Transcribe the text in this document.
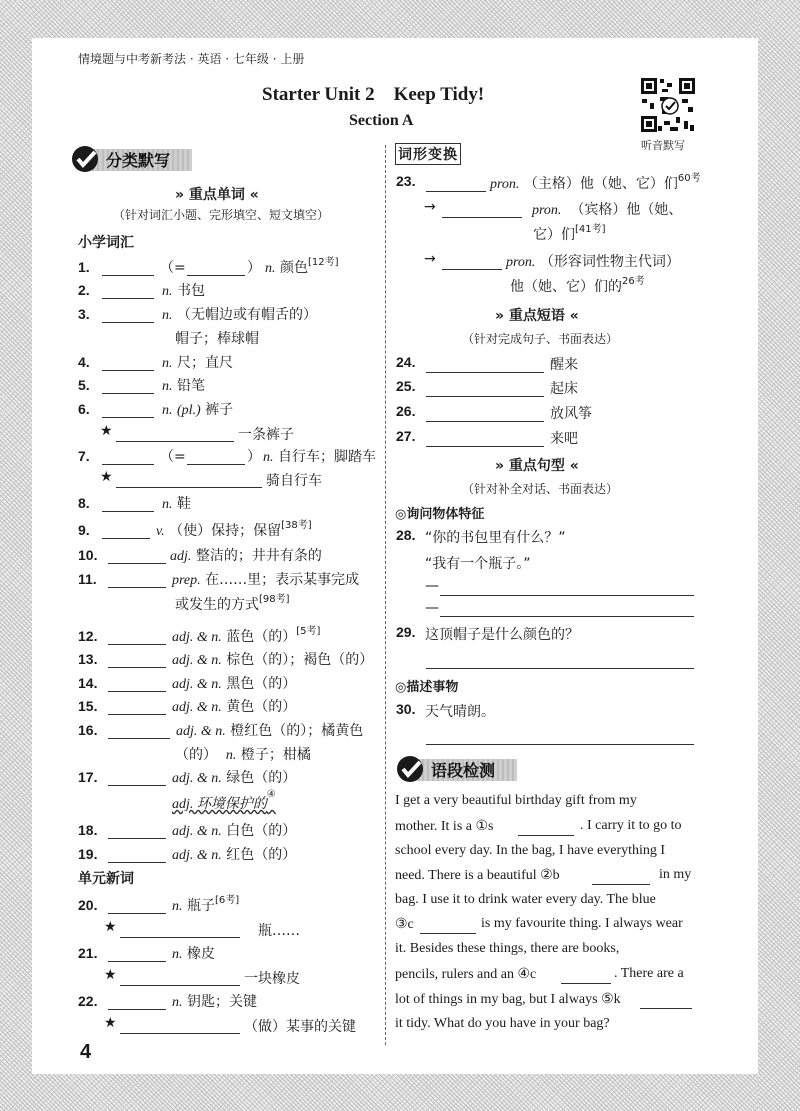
情境题与中考新考法 · 英语 · 七年级 · 上册
Starter Unit 2　Keep Tidy!
Section A
听音默写
分类默写
» 重点单词 «
（针对词汇小题、完形填空、短文填空）
小学词汇
1.	（=	） n. 颜色[12考]
2.	n. 书包
3.	n. （无帽边或有帽舌的）
帽子；棒球帽
4.	n. 尺；直尺
5.	n. 铅笔
6.	n. (pl.) 裤子
★	一条裤子
7.	（=	） n. 自行车；脚踏车
★	骑自行车
8.	n. 鞋
9.	v. （使）保持；保留[38考]
10.	adj. 整洁的；井井有条的
11.	prep. 在……里；表示某事完成
或发生的方式[98考]
12.	adj. & n. 蓝色（的）[5考]
13.	adj. & n. 棕色（的）；褐色（的）
14.	adj. & n. 黑色（的）
15.	adj. & n. 黄色（的）
16.	adj. & n. 橙红色（的）；橘黄色
（的） n. 橙子；柑橘
17.	adj. & n. 绿色（的）
adj. 环境保护的④
18.	adj. & n. 白色（的）
19.	adj. & n. 红色（的）
单元新词
20.	n. 瓶子[6考]
★	瓶……
21.	n. 橡皮
★	一块橡皮
22.	n. 钥匙；关键
★	（做）某事的关键
4
词形变换
23.	pron. （主格）他（她、它）们$^{60考}$
→	pron. （宾格）他（她、
它）们[41考]
→	pron. （形容词性物主代词）
他（她、它）们的$^{26考}$
» 重点短语 «
（针对完成句子、书面表达）
24.	醒来
25.	起床
26.	放风筝
27.	来吧
» 重点句型 «
（针对补全对话、书面表达）
◎询问物体特征
28. “你的书包里有什么？”
“我有一个瓶子。”
—
—
29. 这顶帽子是什么颜色的？
◎描述事物
30. 天气晴朗。
语段检测
I get a very beautiful birthday gift from my
mother. It is a ①s	. I carry it to go to
school every day. In the bag, I have everything I
need. There is a beautiful ②b	in my
bag. I use it to drink water every day. The blue
③c	is my favourite thing. I always wear
it. Besides these things, there are books,
pencils, rulers and an ④c	. There are a
lot of things in my bag, but I always ⑤k
it tidy. What do you have in your bag?
